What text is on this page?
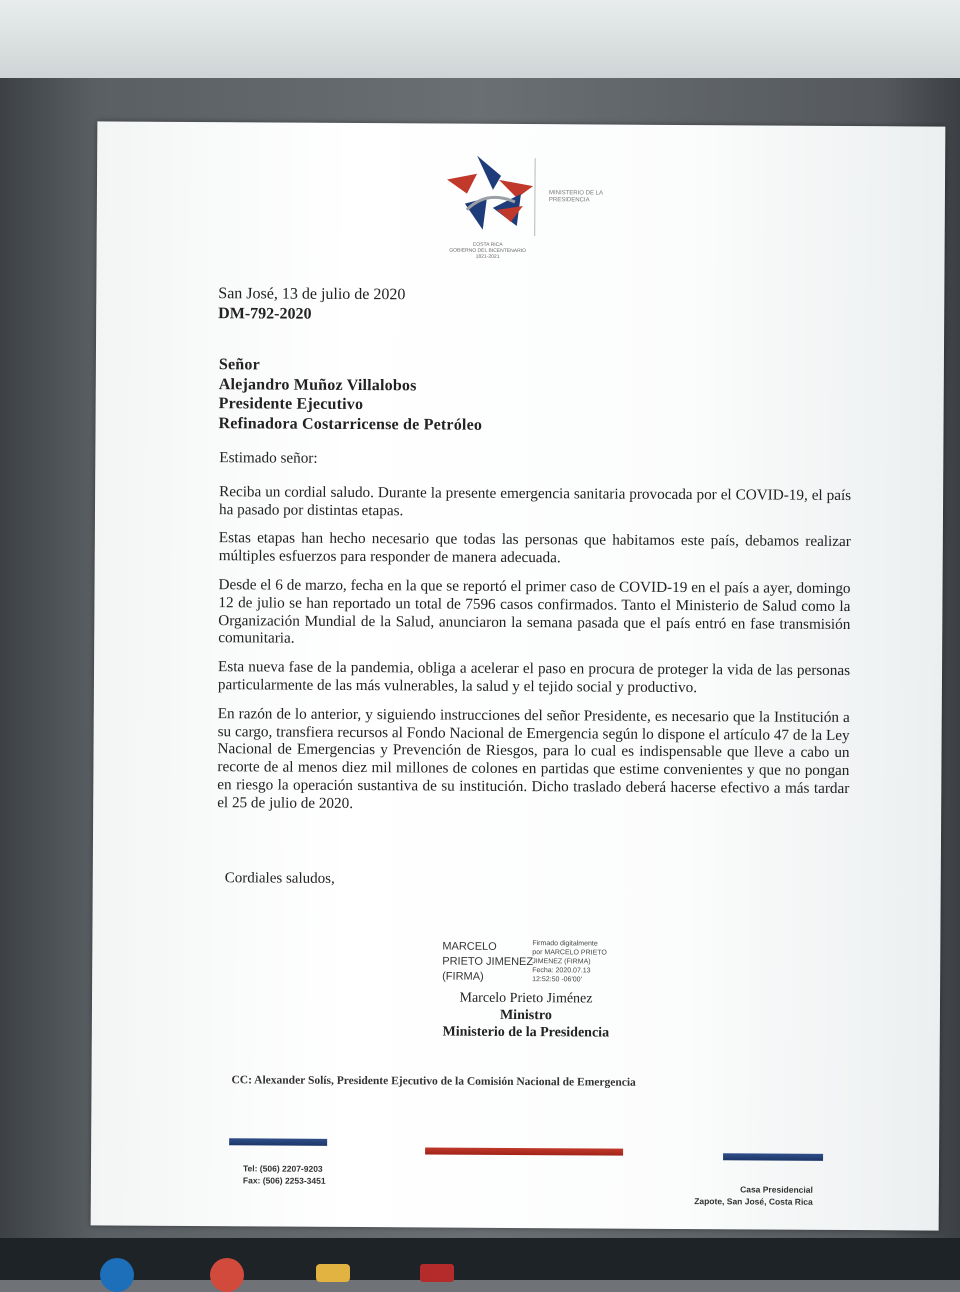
MINISTERIO DE LA PRESIDENCIA
COSTA RICA
GOBIERNO DEL BICENTENARIO
1821-2021
San José, 13 de julio de 2020
DM-792-2020
Señor
Alejandro Muñoz Villalobos
Presidente Ejecutivo
Refinadora Costarricense de Petróleo

Estimado señor:

Reciba un cordial saludo. Durante la presente emergencia sanitaria provocada por el COVID-19, el país ha pasado por distintas etapas.

Estas etapas han hecho necesario que todas las personas que habitamos este país, debamos realizar múltiples esfuerzos para responder de manera adecuada.

Desde el 6 de marzo, fecha en la que se reportó el primer caso de COVID-19 en el país a ayer, domingo 12 de julio se han reportado un total de 7596 casos confirmados. Tanto el Ministerio de Salud como la Organización Mundial de la Salud, anunciaron la semana pasada que el país entró en fase transmisión comunitaria.

Esta nueva fase de la pandemia, obliga a acelerar el paso en procura de proteger la vida de las personas particularmente de las más vulnerables, la salud y el tejido social y productivo.

En razón de lo anterior, y siguiendo instrucciones del señor Presidente, es necesario que la Institución a su cargo, transfiera recursos al Fondo Nacional de Emergencia según lo dispone el artículo 47 de la Ley Nacional de Emergencias y Prevención de Riesgos, para lo cual es indispensable que lleve a cabo un recorte de al menos diez mil millones de colones en partidas que estime convenientes y que no pongan en riesgo la operación sustantiva de su institución. Dicho traslado deberá hacerse efectivo a más tardar el 25 de julio de 2020.

Cordiales saludos,
MARCELO
PRIETO JIMENEZ
(FIRMA)
Firmado digitalmente
por MARCELO PRIETO
JIMENEZ (FIRMA)
Fecha: 2020.07.13
12:52:50 -06'00'
Marcelo Prieto Jiménez
Ministro
Ministerio de la Presidencia
CC: Alexander Solís, Presidente Ejecutivo de la Comisión Nacional de Emergencia
Tel: (506) 2207-9203
Fax: (506) 2253-3451
Casa Presidencial
Zapote, San José, Costa Rica
